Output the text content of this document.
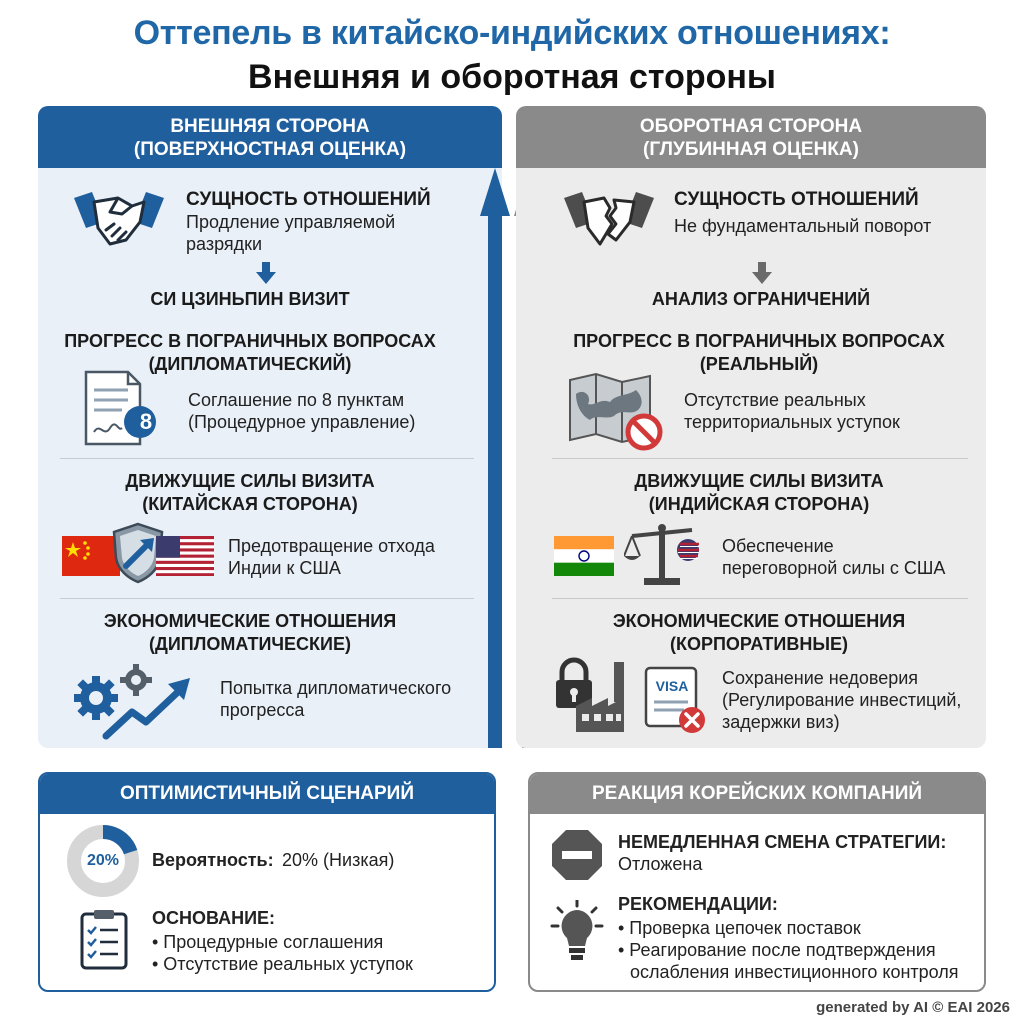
Оттепель в китайско-индийских отношениях:
Внешняя и оборотная стороны
ВНЕШНЯЯ СТОРОНА
(ПОВЕРХНОСТНАЯ ОЦЕНКА)
СУЩНОСТЬ ОТНОШЕНИЙ
Продление управляемой
разрядки
СИ ЦЗИНЬПИН ВИЗИТ
ПРОГРЕСС В ПОГРАНИЧНЫХ ВОПРОСАХ
(ДИПЛОМАТИЧЕСКИЙ)
8
Соглашение по 8 пунктам
(Процедурное управление)
ДВИЖУЩИЕ СИЛЫ ВИЗИТА
(КИТАЙСКАЯ СТОРОНА)
Предотвращение отхода
Индии к США
ЭКОНОМИЧЕСКИЕ ОТНОШЕНИЯ
(ДИПЛОМАТИЧЕСКИЕ)
Попытка дипломатического
прогресса
ОБОРОТНАЯ СТОРОНА
(ГЛУБИННАЯ ОЦЕНКА)
СУЩНОСТЬ ОТНОШЕНИЙ
Не фундаментальный поворот
АНАЛИЗ ОГРАНИЧЕНИЙ
ПРОГРЕСС В ПОГРАНИЧНЫХ ВОПРОСАХ
(РЕАЛЬНЫЙ)
Отсутствие реальных
территориальных уступок
ДВИЖУЩИЕ СИЛЫ ВИЗИТА
(ИНДИЙСКАЯ СТОРОНА)
Обеспечение
переговорной силы с США
ЭКОНОМИЧЕСКИЕ ОТНОШЕНИЯ
(КОРПОРАТИВНЫЕ)
VISA Сохранение недоверия
(Регулирование инвестиций,
задержки виз)
ОПТИМИСТИЧНЫЙ СЦЕНАРИЙ
20%	Вероятность: 20% (Низкая)
ОСНОВАНИЕ:
• Процедурные соглашения
• Отсутствие реальных уступок
РЕАКЦИЯ КОРЕЙСКИХ КОМПАНИЙ
НЕМЕДЛЕННАЯ СМЕНА СТРАТЕГИИ:
Отложена
РЕКОМЕНДАЦИИ:
• Проверка цепочек поставок
• Реагирование после подтверждения
ослабления инвестиционного контроля
generated by AI © EAI 2026
